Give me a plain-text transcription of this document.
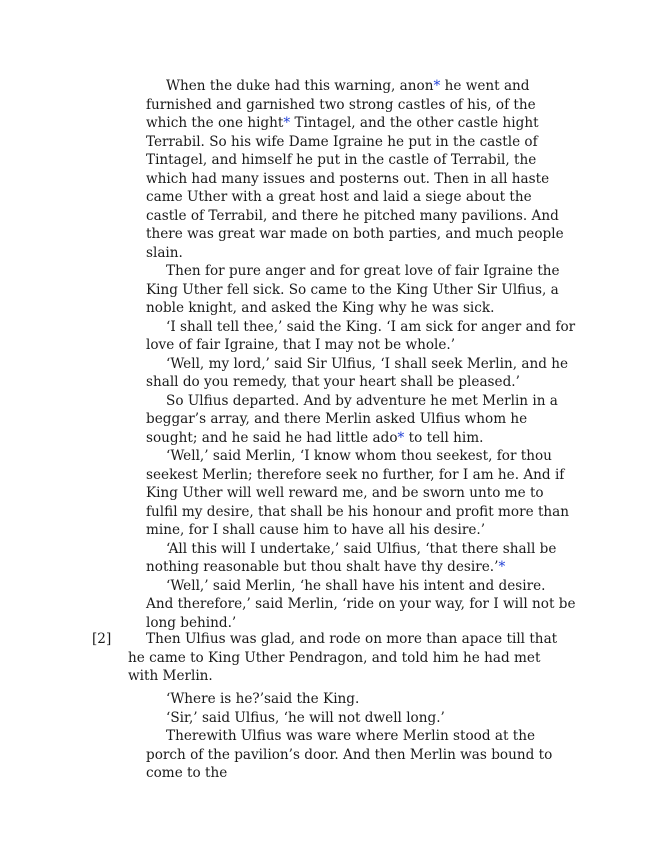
When the duke had this warning, anon* he went and furnished and garnished two strong castles of his, of the which the one hight* Tintagel, and the other castle hight Terrabil. So his wife Dame Igraine he put in the castle of Tintagel, and himself he put in the castle of Terrabil, the which had many issues and posterns out. Then in all haste came Uther with a great host and laid a siege about the castle of Terrabil, and there he pitched many pavilions. And there was great war made on both parties, and much people slain.

Then for pure anger and for great love of fair Igraine the King Uther fell sick. So came to the King Uther Sir Ulfius, a noble knight, and asked the King why he was sick.

‘I shall tell thee,’ said the King. ‘I am sick for anger and for love of fair Igraine, that I may not be whole.’

‘Well, my lord,’ said Sir Ulfius, ‘I shall seek Merlin, and he shall do you remedy, that your heart shall be pleased.’

So Ulfius departed. And by adventure he met Merlin in a beggar’s array, and there Merlin asked Ulfius whom he sought; and he said he had little ado* to tell him.

‘Well,’ said Merlin, ‘I know whom thou seekest, for thou seekest Merlin; therefore seek no further, for I am he. And if King Uther will well reward me, and be sworn unto me to fulfil my desire, that shall be his honour and profit more than mine, for I shall cause him to have all his desire.’

‘All this will I undertake,’ said Ulfius, ‘that there shall be nothing reasonable but thou shalt have thy desire.’*

‘Well,’ said Merlin, ‘he shall have his intent and desire. And therefore,’ said Merlin, ‘ride on your way, for I will not be long behind.’

[2]	Then Ulfius was glad, and rode on more than apace till that he came to King Uther Pendragon, and told him he had met with Merlin.

‘Where is he?’said the King.

‘Sir,’ said Ulfius, ‘he will not dwell long.’

Therewith Ulfius was ware where Merlin stood at the porch of the pavilion’s door. And then Merlin was bound to come to the
